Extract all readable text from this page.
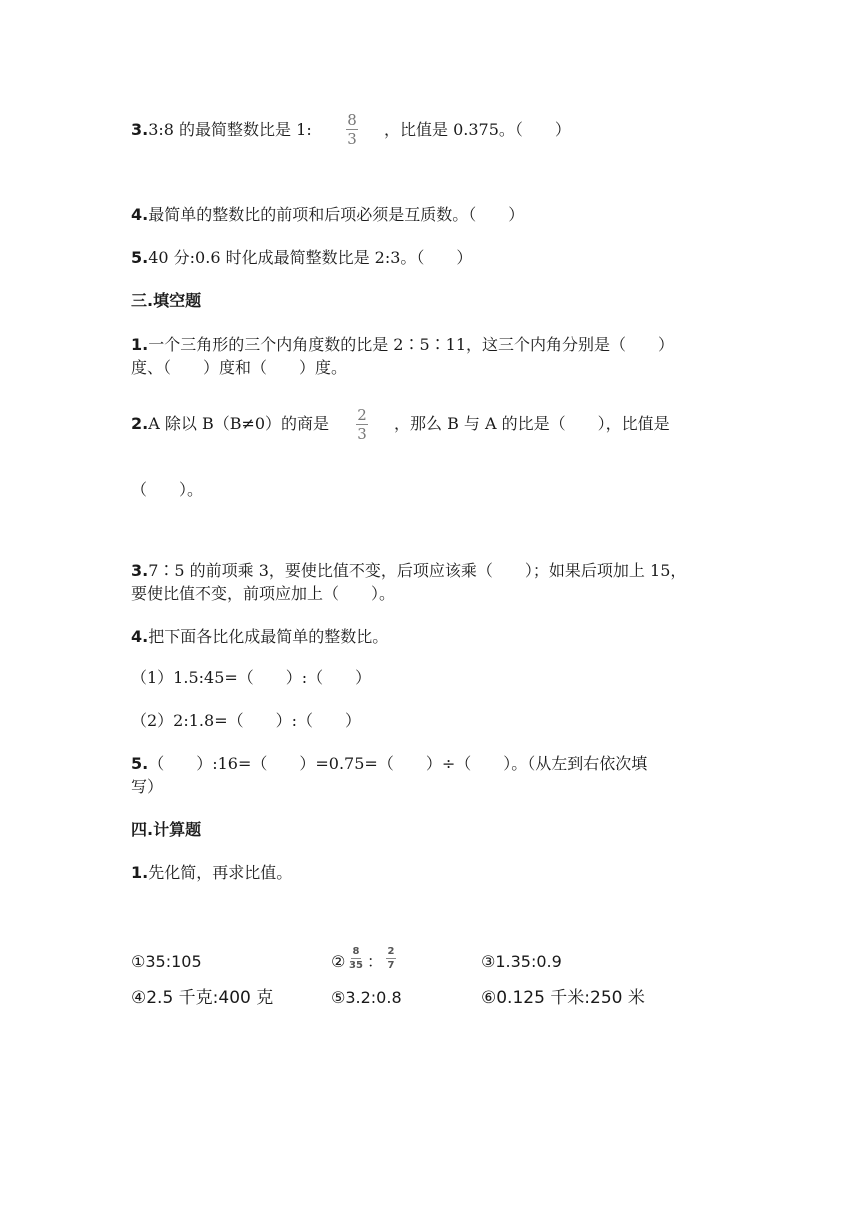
3.3:8 的最简整数比是 1: 8
3 ，比值是 0.375。（　　）
4.最简单的整数比的前项和后项必须是互质数。（　　）
5.40 分:0.6 时化成最简整数比是 2:3。（　　）
三.填空题
1.一个三角形的三个内角度数的比是 2∶5∶11，这三个内角分别是（　　）
度、（　　）度和（　　）度。
2.A 除以 B（B≠0）的商是 2
3
，那么 B 与 A 的比是（　　），比值是
（　　）。
3.7∶5 的前项乘 3，要使比值不变，后项应该乘（　　）；如果后项加上 15，
要使比值不变，前项应加上（　　）。
4.把下面各比化成最简单的整数比。
（1）1.5:45=（　　）:（　　）
（2）2:1.8=（　　）:（　　）
5.（　　）:16=（　　）=0.75=（　　）÷（　　）。（从左到右依次填
写）
四.计算题
1.先化简，再求比值。
①35:105	②
8
35 ：
2
7	③1.35:0.9
④2.5 千克:400 克	⑤3.2:0.8	⑥0.125 千米:250 米
